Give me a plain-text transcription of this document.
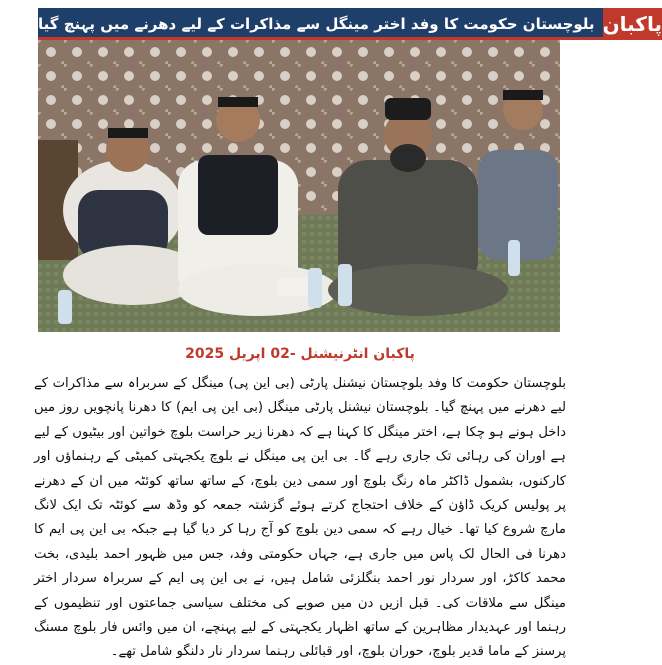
بلوچستان حکومت کا وفد اختر مینگل سے مذاکرات کے لیے دھرنے میں پہنچ گیا پاکبان
پاکبان انٹرنیشنل -02 اپریل 2025

بلوچستان حکومت کا وفد بلوچستان نیشنل پارٹی (بی این پی) مینگل کے سربراہ سے مذاکرات کے لیے دھرنے میں پہنچ گیا۔ بلوچستان نیشنل پارٹی مینگل (بی این پی ایم) کا دھرنا پانچویں روز میں داخل ہونے ہو چکا ہے، اختر مینگل کا کہنا ہے کہ دھرنا زیر حراست بلوچ خواتین اور بیٹیوں کے لیے ہے اوران کی رہائی تک جاری رہے گا۔ بی این پی مینگل نے بلوچ یکجہتی کمیٹی کے رہنماؤں اور کارکنوں، بشمول ڈاکٹر ماہ رنگ بلوچ اور سمی دین بلوچ، کے ساتھ ساتھ کوئٹہ میں ان کے دھرنے پر پولیس کریک ڈاؤن کے خلاف احتجاج کرتے ہوئے گزشتہ جمعہ کو وڈھ سے کوئٹہ تک ایک لانگ مارچ شروع کیا تھا۔ خیال رہے کہ سمی دین بلوچ کو آج رہا کر دیا گیا ہے جبکہ بی این پی ایم کا دھرنا فی الحال لک پاس میں جاری ہے، جہاں حکومتی وفد، جس میں ظہور احمد بلیدی، بخت محمد کاکڑ، اور سردار نور احمد بنگلزئی شامل ہیں، نے بی این پی ایم کے سربراہ سردار اختر مینگل سے ملاقات کی۔ قبل ازیں دن میں صوبے کی مختلف سیاسی جماعتوں اور تنظیموں کے رہنما اور عہدیدار مظاہرین کے ساتھ اظہار یکجہتی کے لیے پہنچے، ان میں وائس فار بلوچ مسنگ پرسنز کے ماما قدیر بلوچ، حوران بلوچ، اور قبائلی رہنما سردار نار دلنگو شامل تھے۔
